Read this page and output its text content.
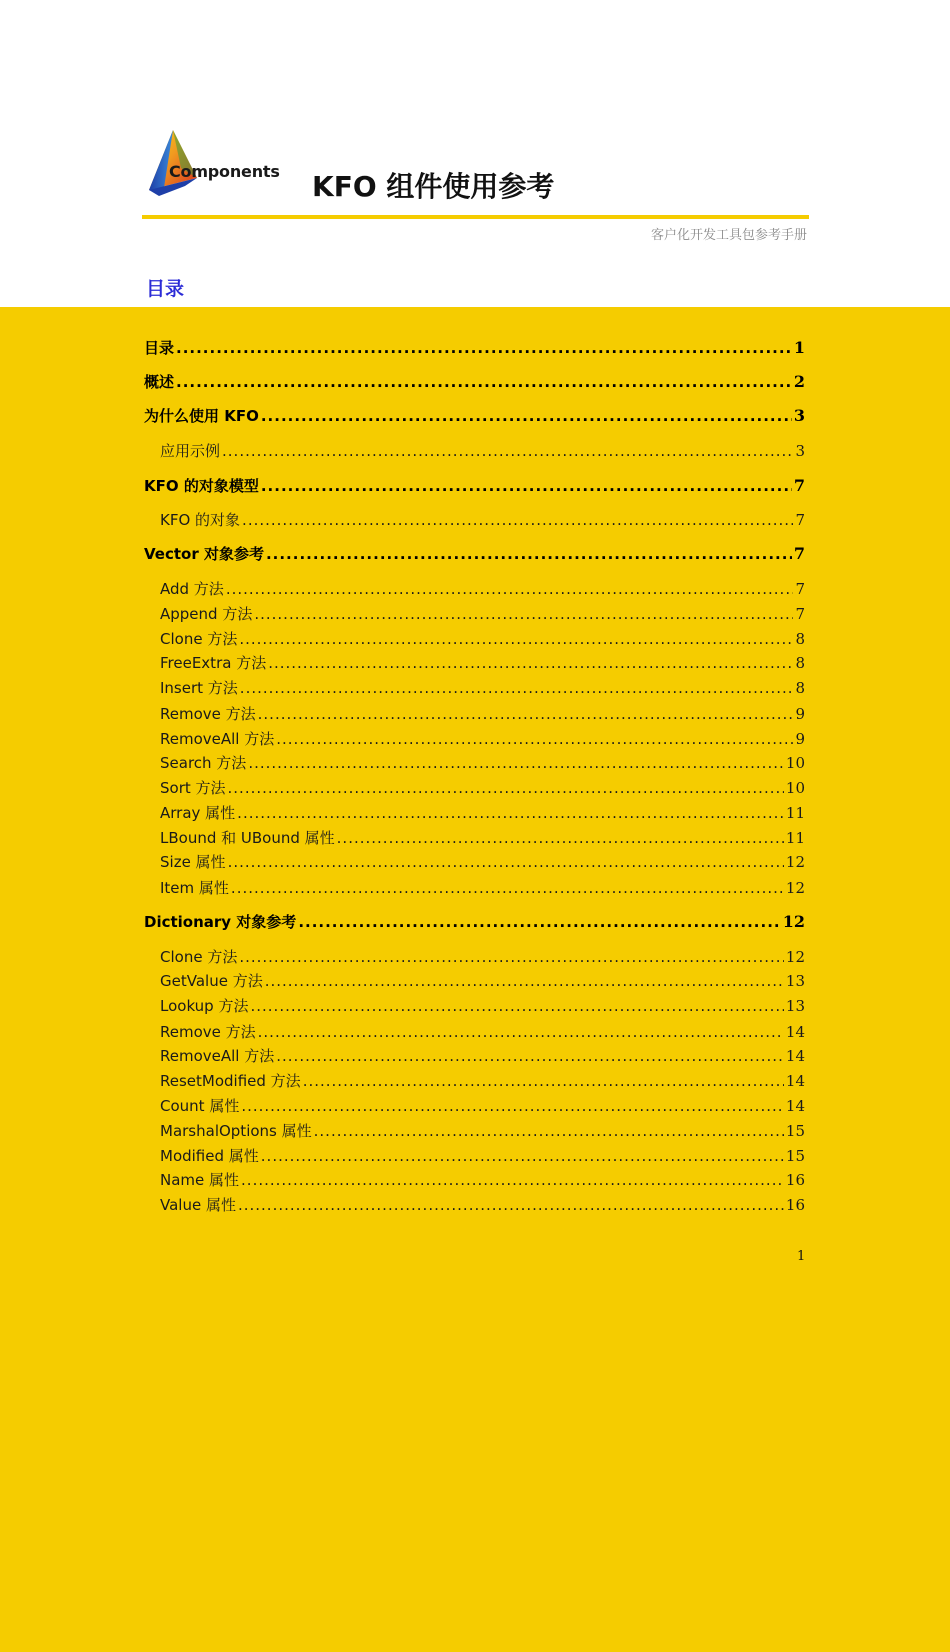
Components KFO 组件使用参考
客户化开发工具包参考手册
目录
目录 .....	1
概述 .....	2
为什么使用 KFO .....	3
应用示例 .....	3
KFO 的对象模型 .....	7
KFO 的对象 .....	7
Vector 对象参考 .....	7
Add 方法 .....	7
Append 方法 .....	7
Clone 方法 .....	8
FreeExtra 方法 .....	8
Insert 方法 .....	8
Remove 方法 .....	9
RemoveAll 方法 .....	9
Search 方法 .....	10
Sort 方法 .....	10
Array 属性 .....	11
LBound 和 UBound 属性 .....	11
Size 属性 .....	12
Item 属性 .....	12
Dictionary 对象参考 .....	12
Clone 方法 .....	12
GetValue 方法 .....	13
Lookup 方法 .....	13
Remove 方法 .....	14
RemoveAll 方法 .....	14
ResetModified 方法 .....	14
Count 属性 .....	14
MarshalOptions 属性 .....	15
Modified 属性 .....	15
Name 属性 .....	16
Value 属性 .....	16
1
